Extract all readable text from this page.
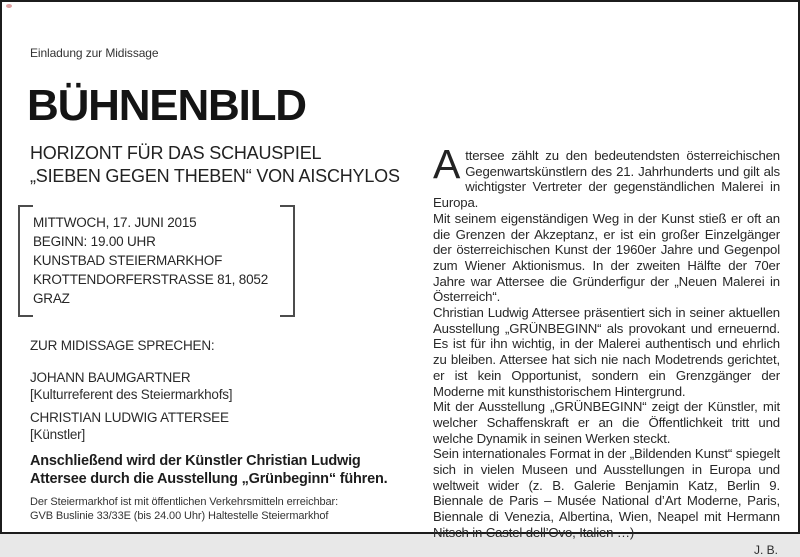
Einladung zur Midissage
BÜHNENBILD
HORIZONT FÜR DAS SCHAUSPIEL
„SIEBEN GEGEN THEBEN“ VON AISCHYLOS
MITTWOCH, 17. JUNI 2015
BEGINN: 19.00 UHR
KUNSTBAD STEIERMARKHOF
KROTTENDORFERSTRASSE 81, 8052 GRAZ
ZUR MIDISSAGE SPRECHEN:
JOHANN BAUMGARTNER
[Kulturreferent des Steiermarkhofs]
CHRISTIAN LUDWIG ATTERSEE
[Künstler]

Anschließend wird der Künstler Christian Ludwig Attersee durch die Ausstellung „Grünbeginn“ führen.

Der Steiermarkhof ist mit öffentlichen Verkehrsmitteln erreichbar:
GVB Buslinie 33/33E (bis 24.00 Uhr) Haltestelle Steiermarkhof

Attersee zählt zu den bedeutendsten österreichischen Gegenwartskünstlern des 21. Jahrhunderts und gilt als wichtigster Vertreter der gegenständlichen Malerei in Europa.

Mit seinem eigenständigen Weg in der Kunst stieß er oft an die Grenzen der Akzeptanz, er ist ein großer Einzelgänger der österreichischen Kunst der 1960er Jahre und Gegenpol zum Wiener Aktionismus. In der zweiten Hälfte der 70er Jahre war Attersee die Gründerfigur der „Neuen Malerei in Österreich“.

Christian Ludwig Attersee präsentiert sich in seiner aktuellen Ausstellung „GRÜNBEGINN“ als provokant und erneuernd. Es ist für ihn wichtig, in der Malerei authentisch und ehrlich zu bleiben. Attersee hat sich nie nach Modetrends gerichtet, er ist kein Opportunist, sondern ein Grenzgänger der Moderne mit kunsthistorischem Hintergrund.

Mit der Ausstellung „GRÜNBEGINN“ zeigt der Künstler, mit welcher Schaffenskraft er an die Öffentlichkeit tritt und welche Dynamik in seinen Werken steckt.

Sein internationales Format in der „Bildenden Kunst“ spiegelt sich in vielen Museen und Ausstellungen in Europa und weltweit wider (z. B. Galerie Benjamin Katz, Berlin 9. Biennale de Paris – Musée National d’Art Moderne, Paris, Biennale di Venezia, Albertina, Wien, Neapel mit Hermann Nitsch in Castel dell’Ovo, Italien …)

J. B.
